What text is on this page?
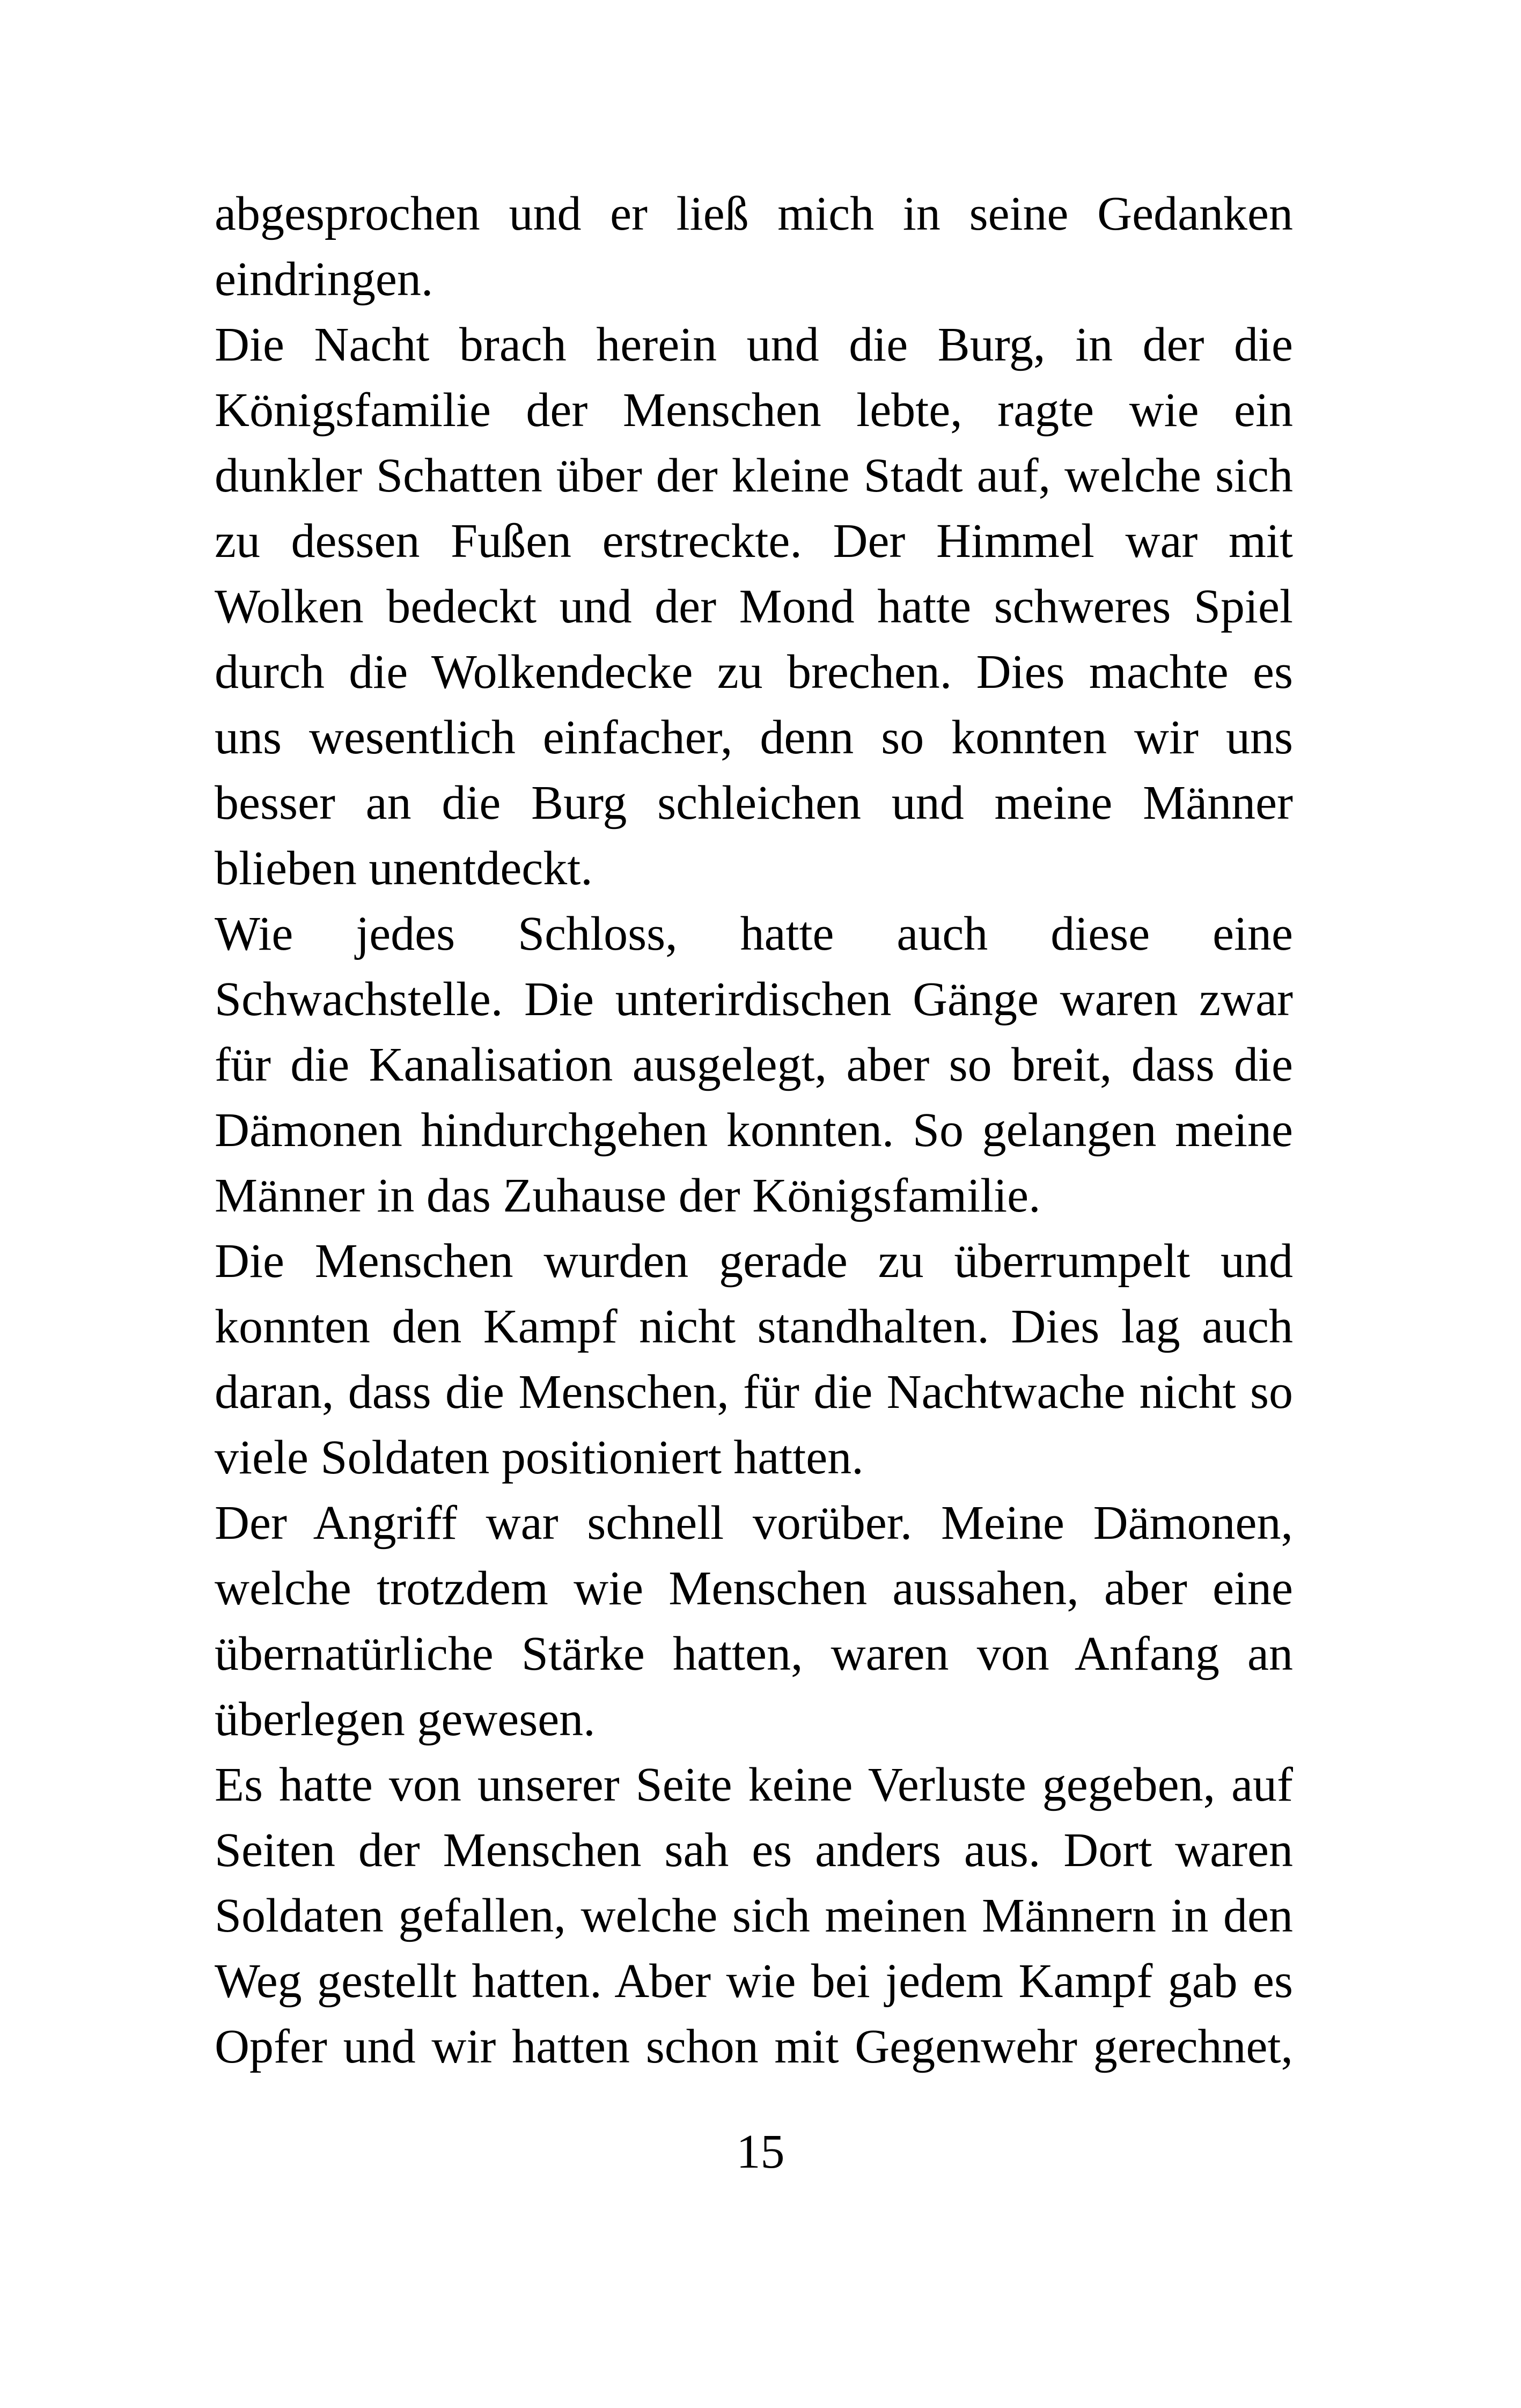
abgesprochen und er ließ mich in seine Gedanken
eindringen.
Die Nacht brach herein und die Burg, in der die
Königsfamilie der Menschen lebte, ragte wie ein
dunkler Schatten über der kleine Stadt auf, welche sich
zu dessen Fußen erstreckte. Der Himmel war mit
Wolken bedeckt und der Mond hatte schweres Spiel
durch die Wolkendecke zu brechen. Dies machte es
uns wesentlich einfacher, denn so konnten wir uns
besser an die Burg schleichen und meine Männer
blieben unentdeckt.
Wie jedes Schloss, hatte auch diese eine
Schwachstelle. Die unterirdischen Gänge waren zwar
für die Kanalisation ausgelegt, aber so breit, dass die
Dämonen hindurchgehen konnten. So gelangen meine
Männer in das Zuhause der Königsfamilie.
Die Menschen wurden gerade zu überrumpelt und
konnten den Kampf nicht standhalten. Dies lag auch
daran, dass die Menschen, für die Nachtwache nicht so
viele Soldaten positioniert hatten.
Der Angriff war schnell vorüber. Meine Dämonen,
welche trotzdem wie Menschen aussahen, aber eine
übernatürliche Stärke hatten, waren von Anfang an
überlegen gewesen.
Es hatte von unserer Seite keine Verluste gegeben, auf
Seiten der Menschen sah es anders aus. Dort waren
Soldaten gefallen, welche sich meinen Männern in den
Weg gestellt hatten. Aber wie bei jedem Kampf gab es
Opfer und wir hatten schon mit Gegenwehr gerechnet,
15
